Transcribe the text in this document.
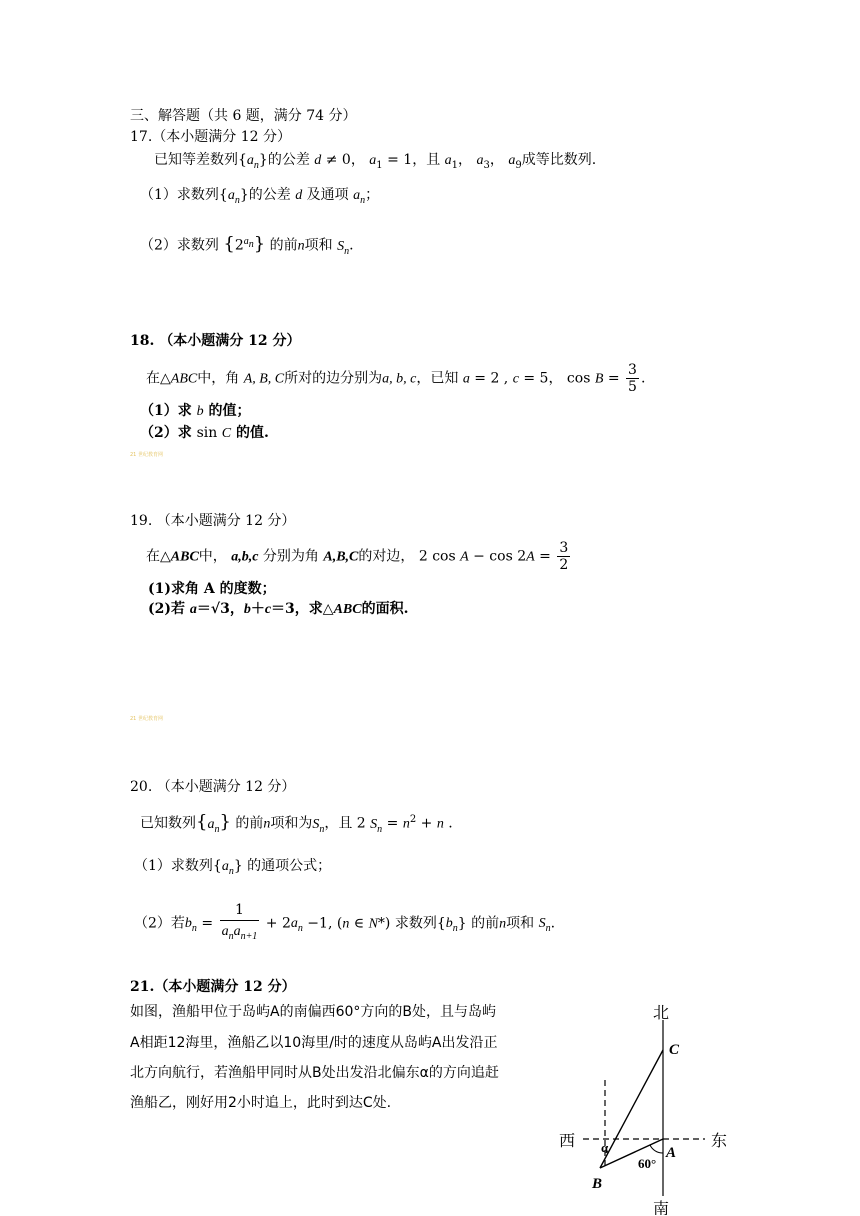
三、解答题（共 6 题，满分 74 分）
17.（本小题满分 12 分）
已知等差数列$\{a_n\}$的公差 d ≠ 0， $a_1 = 1$，且 $a_1$， $a_3$， $a_9$成等比数列.
（1）求数列$\{a_n\}$的公差 d 及通项 $a_n$；
（2）求数列 $\{2^{a_n}\}$ 的前n项和 $S_n$.
18. （本小题满分 12 分）
在△ABC中，角 A, B, C所对的边分别为a, b, c，已知 a = 2 , c = 5， $\cos B = \frac{3}{5}$ .
（1）求 b 的值；
（2）求 sin C 的值.
21 世纪教育网
19. （本小题满分 12 分）
在△ABC中， a,b,c 分别为角 A,B,C的对边， 2 $\cos A - \cos 2A = \frac{3}{2}$
(1)求角 A 的度数；
(2)若 a＝√3，b＋c＝3，求△ABC的面积.
21 世纪教育网
20. （本小题满分 12 分）
已知数列$\{a_n\}$ 的前n项和为$S_n$，且 2 $S_n = n^2 + n$ .
（1）求数列$\{a_n\}$ 的通项公式；
（2）若$b_n = \frac{1}{a_na_{n+1}} + 2a_n -1$, (n ∈ N*) 求数列$\{b_n\}$ 的前n项和 $S_n$.
21.（本小题满分 12 分）
如图，渔船甲位于岛屿A的南偏西60°方向的B处，且与岛屿
A相距12海里，渔船乙以10海里/时的速度从岛屿A出发沿正
北方向航行，若渔船甲同时从B处出发沿北偏东α的方向追赶
渔船乙，刚好用2小时追上，此时到达C处.
北
南
西	东
C
A
B
α
60°
